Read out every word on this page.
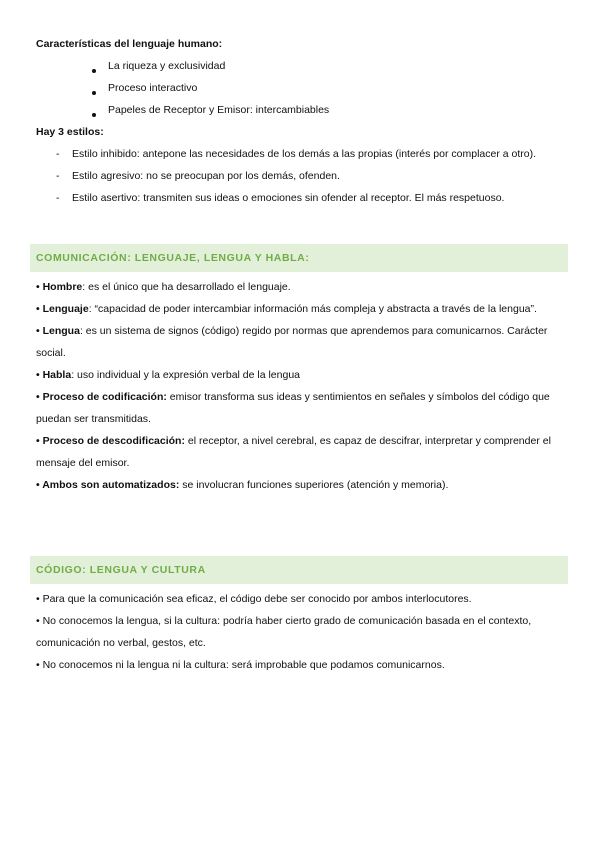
Características del lenguaje humano:
La riqueza y exclusividad
Proceso interactivo
Papeles de Receptor y Emisor: intercambiables
Hay 3 estilos:
- Estilo inhibido: antepone las necesidades de los demás a las propias (interés por complacer a otro).
- Estilo agresivo: no se preocupan por los demás, ofenden.
- Estilo asertivo: transmiten sus ideas o emociones sin ofender al receptor. El más respetuoso.
COMUNICACIÓN: LENGUAJE, LENGUA Y HABLA:
• Hombre: es el único que ha desarrollado el lenguaje.
• Lenguaje: “capacidad de poder intercambiar información más compleja y abstracta a través de la lengua”.
• Lengua: es un sistema de signos (código) regido por normas que aprendemos para comunicarnos. Carácter social.
• Habla: uso individual y la expresión verbal de la lengua
• Proceso de codificación: emisor transforma sus ideas y sentimientos en señales y símbolos del código que puedan ser transmitidas.
• Proceso de descodificación: el receptor, a nivel cerebral, es capaz de descifrar, interpretar y comprender el mensaje del emisor.
• Ambos son automatizados: se involucran funciones superiores (atención y memoria).
CÓDIGO: LENGUA Y CULTURA
• Para que la comunicación sea eficaz, el código debe ser conocido por ambos interlocutores.
• No conocemos la lengua, si la cultura: podría haber cierto grado de comunicación basada en el contexto, comunicación no verbal, gestos, etc.
• No conocemos ni la lengua ni la cultura: será improbable que podamos comunicarnos.
